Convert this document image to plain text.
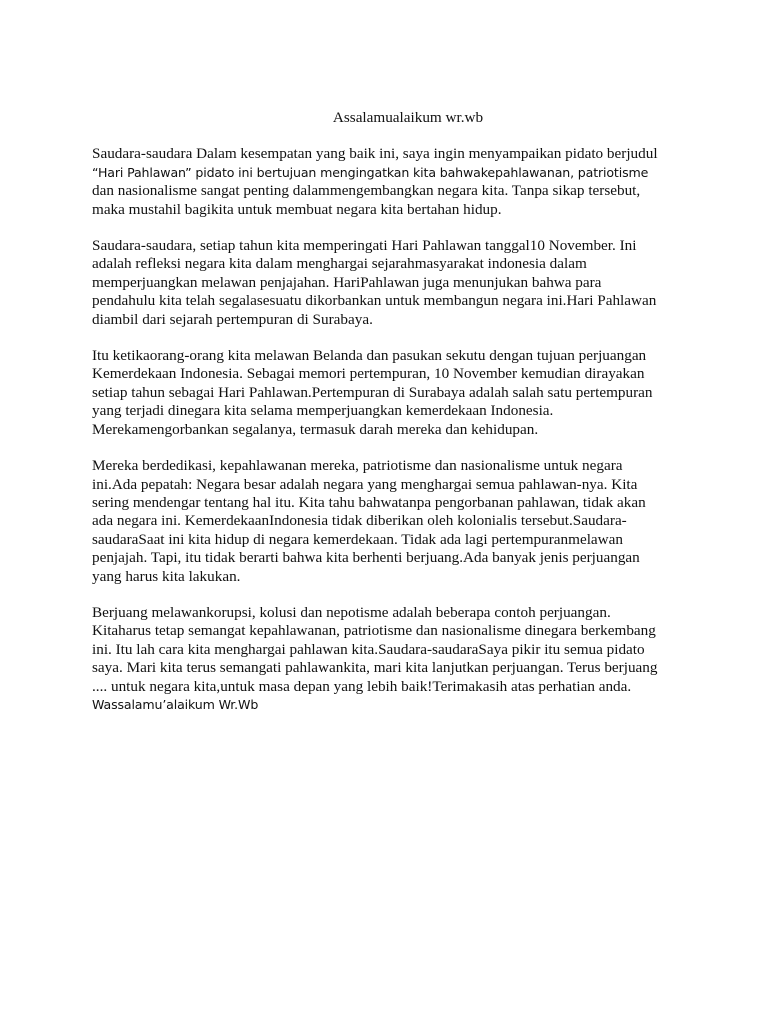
Assalamualaikum wr.wb
Saudara-saudara Dalam kesempatan yang baik ini, saya ingin menyampaikan pidato berjudul
“Hari Pahlawan” pidato ini bertujuan mengingatkan kita bahwakepahlawanan, patriotisme
dan nasionalisme sangat penting dalammengembangkan negara kita. Tanpa sikap tersebut,
maka mustahil bagikita untuk membuat negara kita bertahan hidup.
Saudara-saudara, setiap tahun kita memperingati Hari Pahlawan tanggal10 November. Ini
adalah refleksi negara kita dalam menghargai sejarahmasyarakat indonesia dalam
memperjuangkan melawan penjajahan. HariPahlawan juga menunjukan bahwa para
pendahulu kita telah segalasesuatu dikorbankan untuk membangun negara ini.Hari Pahlawan
diambil dari sejarah pertempuran di Surabaya.
Itu ketikaorang-orang kita melawan Belanda dan pasukan sekutu dengan tujuan perjuangan
Kemerdekaan Indonesia. Sebagai memori pertempuran, 10 November kemudian dirayakan
setiap tahun sebagai Hari Pahlawan.Pertempuran di Surabaya adalah salah satu pertempuran
yang terjadi dinegara kita selama memperjuangkan kemerdekaan Indonesia.
Merekamengorbankan segalanya, termasuk darah mereka dan kehidupan.
Mereka berdedikasi, kepahlawanan mereka, patriotisme dan nasionalisme untuk negara
ini.Ada pepatah: Negara besar adalah negara yang menghargai semua pahlawan-nya. Kita
sering mendengar tentang hal itu. Kita tahu bahwatanpa pengorbanan pahlawan, tidak akan
ada negara ini. KemerdekaanIndonesia tidak diberikan oleh kolonialis tersebut.Saudara-
saudaraSaat ini kita hidup di negara kemerdekaan. Tidak ada lagi pertempuranmelawan
penjajah. Tapi, itu tidak berarti bahwa kita berhenti berjuang.Ada banyak jenis perjuangan
yang harus kita lakukan.
Berjuang melawankorupsi, kolusi dan nepotisme adalah beberapa contoh perjuangan.
Kitaharus tetap semangat kepahlawanan, patriotisme dan nasionalisme dinegara berkembang
ini. Itu lah cara kita menghargai pahlawan kita.Saudara-saudaraSaya pikir itu semua pidato
saya. Mari kita terus semangati pahlawankita, mari kita lanjutkan perjuangan. Terus berjuang
.... untuk negara kita,untuk masa depan yang lebih baik!Terimakasih atas perhatian anda.
Wassalamu’alaikum Wr.Wb
